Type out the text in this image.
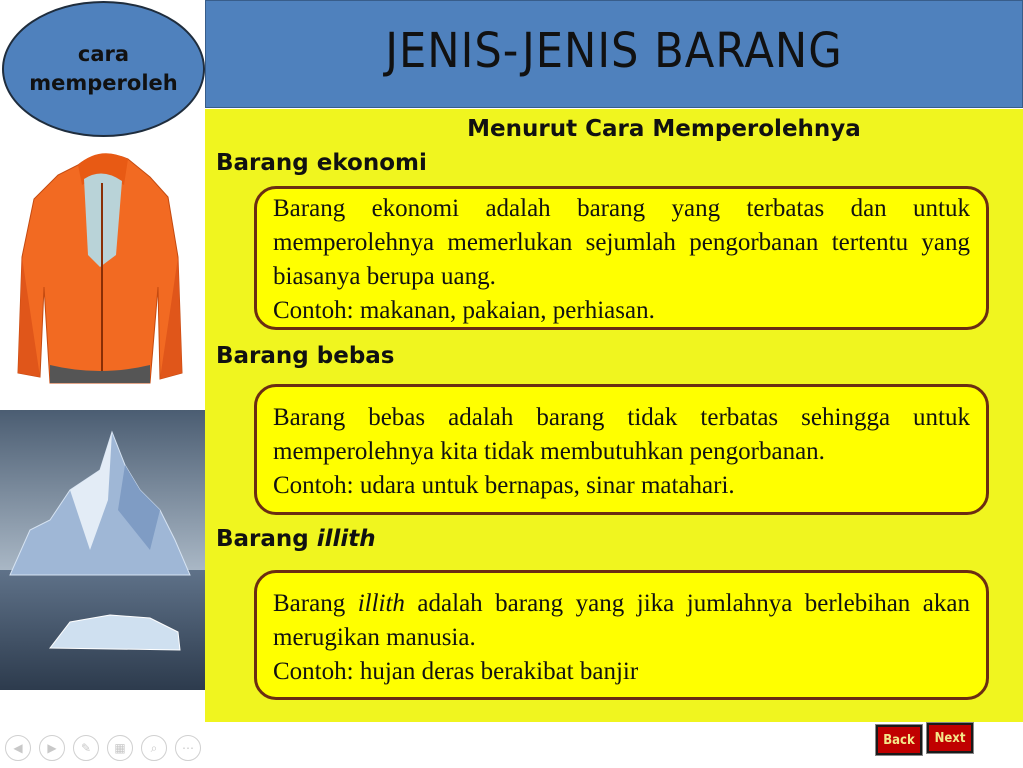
JENIS-JENIS BARANG
cara
memperoleh
Menurut Cara Memperolehnya
Barang ekonomi

Barang ekonomi adalah barang yang terbatas dan untuk memperolehnya memerlukan sejumlah pengorbanan tertentu yang biasanya berupa uang.

Contoh: makanan, pakaian, perhiasan.

Barang bebas

Barang bebas adalah barang tidak terbatas sehingga untuk memperolehnya kita tidak membutuhkan pengorbanan.

Contoh: udara untuk bernapas, sinar matahari.

Barang illith

Barang illith adalah barang yang jika jumlahnya berlebihan akan merugikan manusia.

Contoh: hujan deras berakibat banjir

◀	▶	✎	▦	⌕	⋯
Back	Next
